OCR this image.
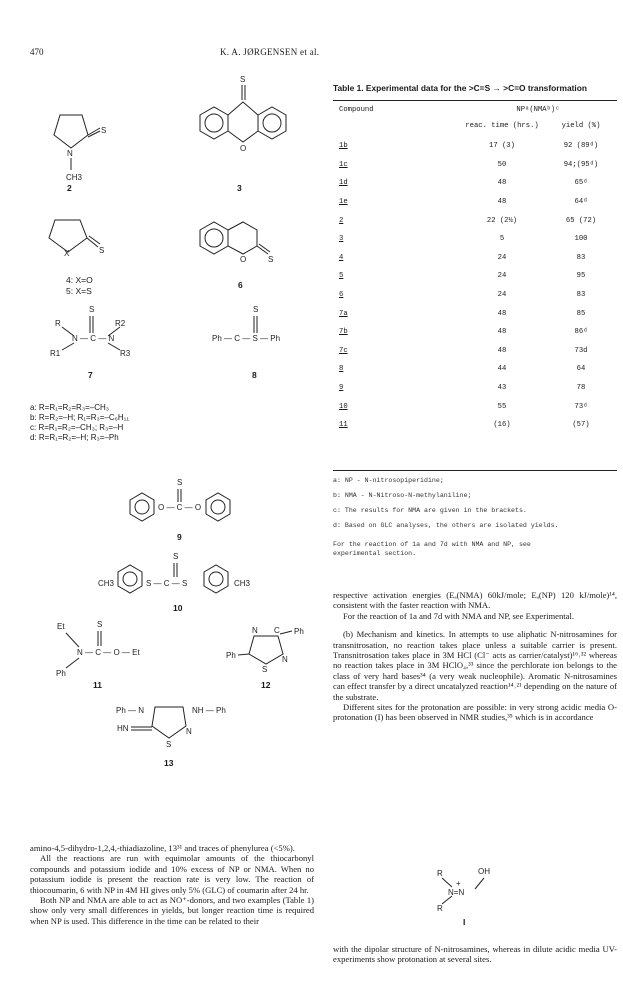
470	K. A. JØRGENSEN et al.
S
N
CH3
S
O
S
X
S
O
R	R2
S
N — C — N
R1	R3
S
Ph — C — S — Ph
S
O — C — O
S
CH3	S — C — S	CH3
Et	S
N — C — O — Et
Ph
N C Ph
S
N
Ph
Ph — N	NH — Ph
HN
S
N
R	OH
N=N
R
+
2	3
4: X=O
5: X=S
6
7	8
9
10
11	12
13
a: R=R₁=R₂=R₃=–CH₃
b: R=R₂=–H; R₁=R₃=–C₆H₁₁
c: R=R₁=R₂=–CH₃; R₃=–H
d: R=R₁=R₂=–H; R₃=–Ph

amino-4,5-dihydro-1,2,4,-thiadiazoline, 13³¹ and traces of phenylurea (<5%).

All the reactions are run with equimolar amounts of the thiocarbonyl compounds and potassium iodide and 10% excess of NP or NMA. When no potassium iodide is present the reaction rate is very low. The reaction of thiocoumarin, 6 with NP in 4M HI gives only 5% (GLC) of coumarin after 24 hr.

Both NP and NMA are able to act as NO⁺-donors, and two examples (Table 1) show only very small differences in yields, but longer reaction time is required when NP is used. This difference in the time can be related to their

Table 1. Experimental data for the >C=S → >C=O transformation
Compound	NPᵃ(NMAᵇ)ᶜ	
	reac. time (hrs.)	yield (%)
1b	17 (3)	92 (89ᵈ)
1c	50	94;(95ᵈ)
1d	48	65ᵈ
1e	48	64ᵈ
2	22 (2½)	65 (72)
3	5	100
4	24	83
5	24	95
6	24	83
7a	48	85
7b	48	86ᵈ
7c	48	73d
8	44	64
9	43	78
10	55	73ᵈ
11	(16)	(57)
a: NP - N-nitrosopiperidine;
b: NMA - N-Nitroso-N-methylaniline;
c: The results for NMA are given in the brackets.
d: Based on GLC analyses, the others are isolated yields.
For the reaction of 1a and 7d with NMA and NP, see experimental section.

respective activation energies (Eₐ(NMA) 60kJ/mole; Eₐ(NP) 120 kJ/mole)¹⁴, consistent with the faster reaction with NMA.

For the reaction of 1a and 7d with NMA and NP, see Experimental.

(b) Mechanism and kinetics. In attempts to use aliphatic N-nitrosamines for transnitrosation, no reaction takes place unless a suitable carrier is present. Transnitrosation takes place in 3M HCl (Cl⁻ acts as carrier/catalyst)¹⁶˒³² whereas no reaction takes place in 3M HClO₄,³³ since the perchlorate ion belongs to the class of very hard bases³⁴ (a very weak nucleophile). Aromatic N-nitrosamines can effect transfer by a direct uncatalyzed reaction¹⁴˒²¹ depending on the nature of the substrate.

Different sites for the protonation are possible: in very strong acidic media O-protonation (I) has been observed in NMR studies,³⁵ which is in accordance

I

with the dipolar structure of N-nitrosamines, whereas in dilute acidic media UV-experiments show protonation at several sites.
